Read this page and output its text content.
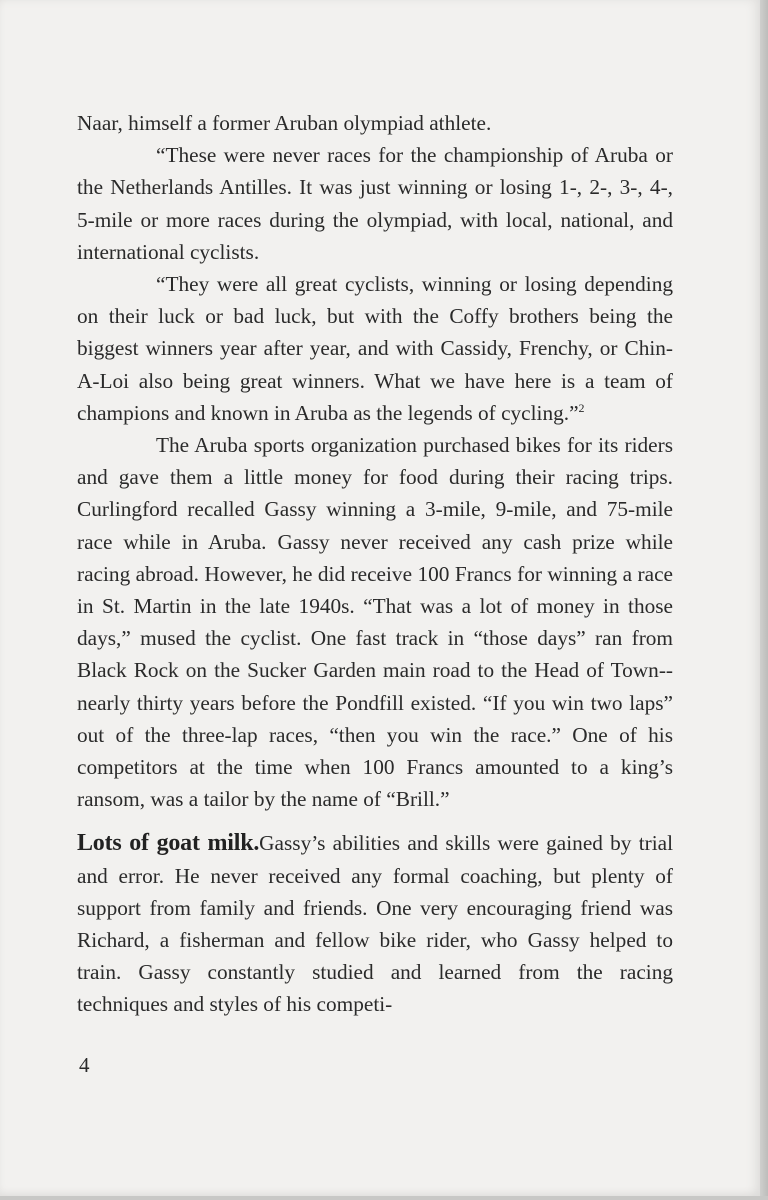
Naar, himself a former Aruban olympiad athlete.

“These were never races for the championship of Aruba or the Netherlands Antilles. It was just winning or losing 1-, 2-, 3-, 4-, 5-mile or more races during the olympiad, with local, national, and international cyclists.

“They were all great cyclists, winning or losing depending on their luck or bad luck, but with the Coffy brothers being the biggest winners year after year, and with Cassidy, Frenchy, or Chin-A-Loi also being great winners. What we have here is a team of champions and known in Aruba as the legends of cycling.”$^2$

The Aruba sports organization purchased bikes for its riders and gave them a little money for food during their racing trips. Curlingford recalled Gassy winning a 3-mile, 9-mile, and 75-mile race while in Aruba. Gassy never received any cash prize while racing abroad. However, he did receive 100 Francs for winning a race in St. Martin in the late 1940s. “That was a lot of money in those days,” mused the cyclist. One fast track in “those days” ran from Black Rock on the Sucker Garden main road to the Head of Town--nearly thirty years before the Pondfill existed. “If you win two laps” out of the three-lap races, “then you win the race.” One of his competitors at the time when 100 Francs amounted to a king’s ransom, was a tailor by the name of “Brill.”

Lots of goat milk.Gassy’s abilities and skills were gained by trial and error. He never received any formal coaching, but plenty of support from family and friends. One very encouraging friend was Richard, a fisherman and fellow bike rider, who Gassy helped to train. Gassy constantly studied and learned from the racing techniques and styles of his competi-

4
